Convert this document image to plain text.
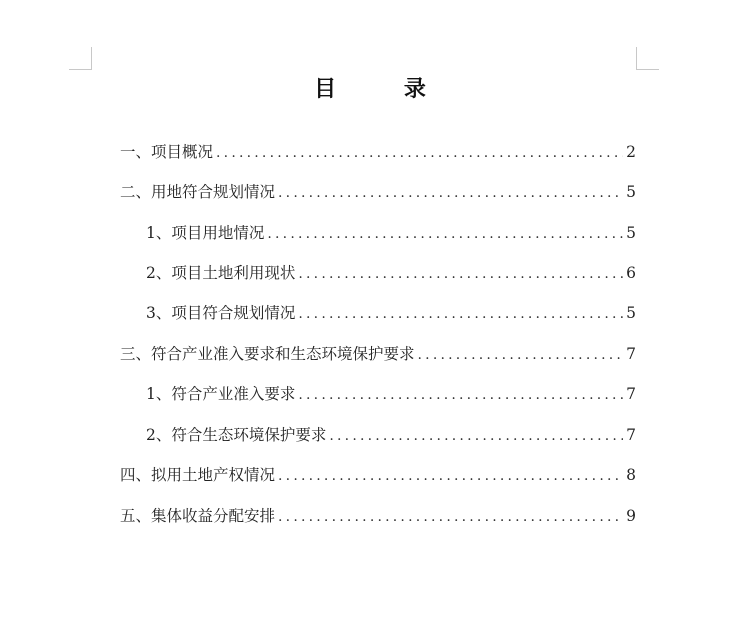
目 录
一、项目概况 .....	2
二、用地符合规划情况 .....	5
1、项目用地情况 .....	5
2、项目土地利用现状 .....	6
3、项目符合规划情况 .....	5
三、符合产业准入要求和生态环境保护要求 .....	7
1、符合产业准入要求 .....	7
2、符合生态环境保护要求 .....	7
四、拟用土地产权情况 .....	8
五、集体收益分配安排 .....	9
